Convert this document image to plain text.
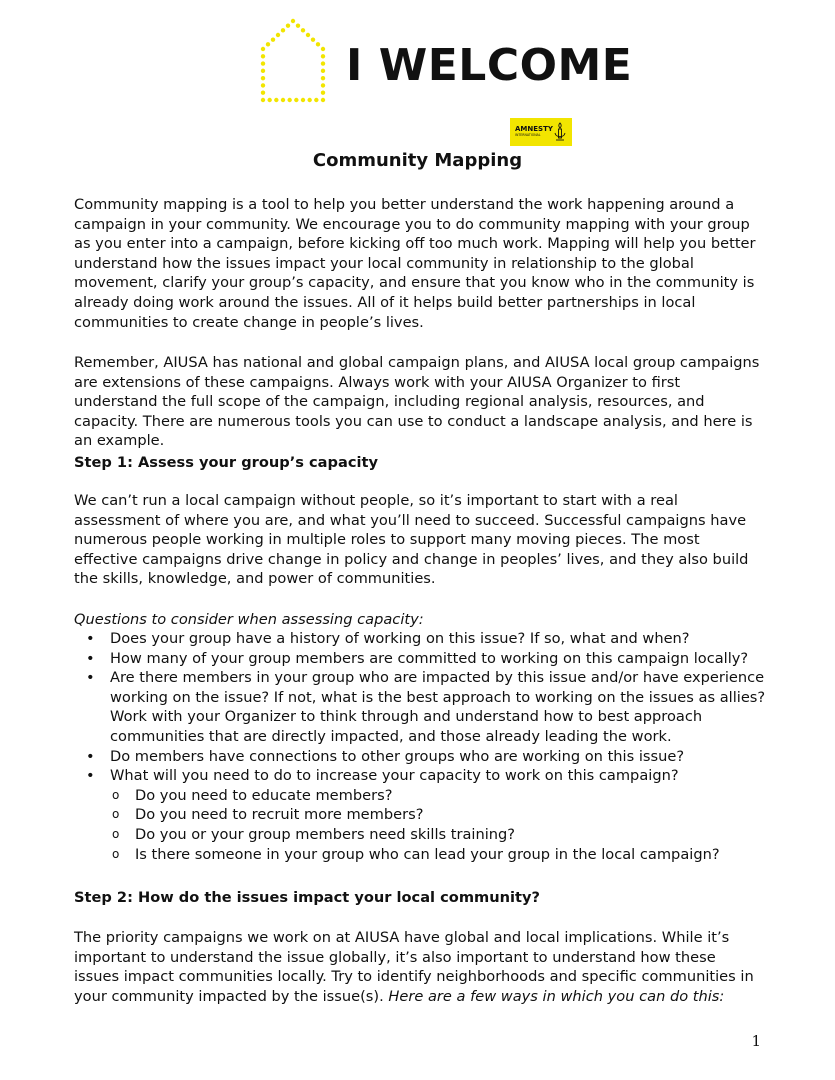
I WELCOME
AMNESTY
INTERNATIONAL
Community Mapping

Community mapping is a tool to help you better understand the work happening around a campaign in your community. We encourage you to do community mapping with your group as you enter into a campaign, before kicking off too much work. Mapping will help you better understand how the issues impact your local community in relationship to the global movement, clarify your group’s capacity, and ensure that you know who in the community is already doing work around the issues. All of it helps build better partnerships in local communities to create change in people’s lives.

Remember, AIUSA has national and global campaign plans, and AIUSA local group campaigns are extensions of these campaigns. Always work with your AIUSA Organizer to first understand the full scope of the campaign, including regional analysis, resources, and capacity. There are numerous tools you can use to conduct a landscape analysis, and here is an example.

Step 1: Assess your group’s capacity

We can’t run a local campaign without people, so it’s important to start with a real assessment of where you are, and what you’ll need to succeed. Successful campaigns have numerous people working in multiple roles to support many moving pieces. The most effective campaigns drive change in policy and change in peoples’ lives, and they also build the skills, knowledge, and power of communities.

Questions to consider when assessing capacity:

• Does your group have a history of working on this issue? If so, what and when?
• How many of your group members are committed to working on this campaign locally?
• Are there members in your group who are impacted by this issue and/or have experience working on the issue? If not, what is the best approach to working on the issues as allies? Work with your Organizer to think through and understand how to best approach communities that are directly impacted, and those already leading the work.
• Do members have connections to other groups who are working on this issue?
• What will you need to do to increase your capacity to work on this campaign?
o Do you need to educate members?
o Do you need to recruit more members?
o Do you or your group members need skills training?
o Is there someone in your group who can lead your group in the local campaign?
Step 2: How do the issues impact your local community?

The priority campaigns we work on at AIUSA have global and local implications. While it’s important to understand the issue globally, it’s also important to understand how these issues impact communities locally. Try to identify neighborhoods and specific communities in your community impacted by the issue(s). Here are a few ways in which you can do this:

1
